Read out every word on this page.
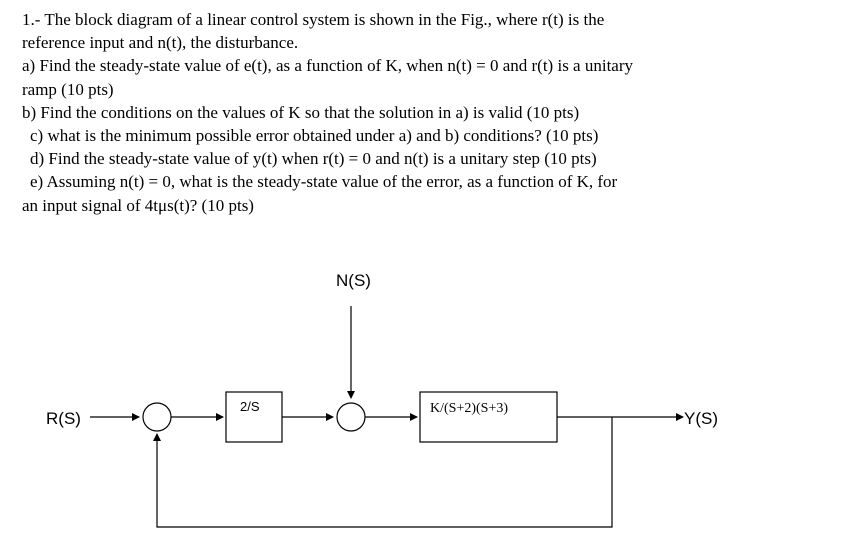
1.- The block diagram of a linear control system is shown in the Fig., where r(t) is the
reference input and n(t), the disturbance.
a) Find the steady-state value of e(t), as a function of K, when n(t) = 0 and r(t) is a unitary
ramp (10 pts)
b) Find the conditions on the values of K so that the solution in a) is valid (10 pts)
c) what is the minimum possible error obtained under a) and b) conditions? (10 pts)
d) Find the steady-state value of y(t) when r(t) = 0 and n(t) is a unitary step (10 pts)
e) Assuming n(t) = 0, what is the steady-state value of the error, as a function of K, for
an input signal of 4tμs(t)? (10 pts)
R(S)
2/S
N(S)
K/(S+2)(S+3)
Y(S)
